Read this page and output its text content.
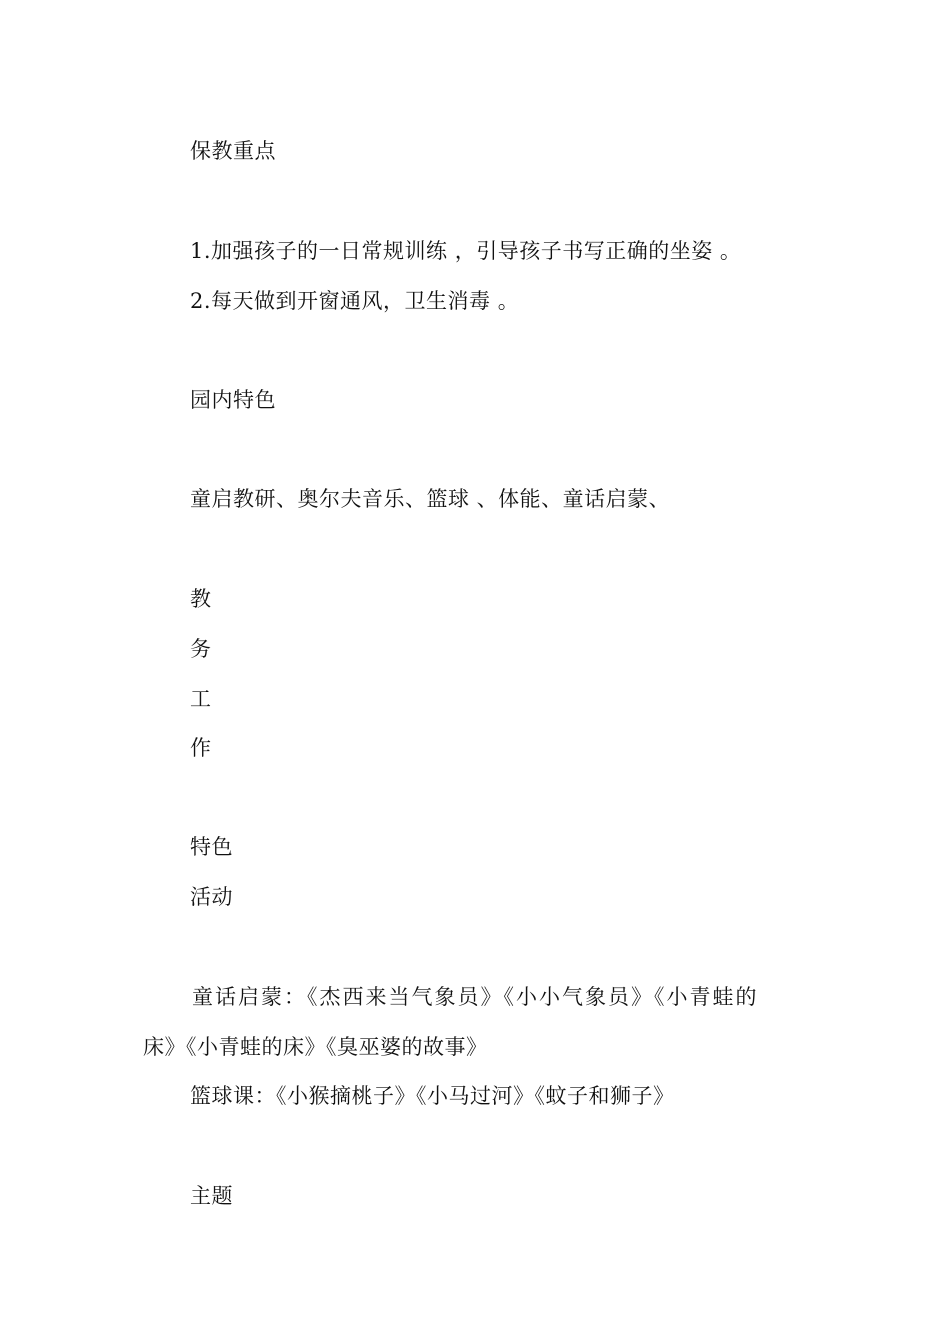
保教重点
1.加强孩子的一日常规训练 ，引导孩子书写正确的坐姿 。
2.每天做到开窗通风，卫生消毒 。
园内特色
童启教研、奥尔夫音乐、篮球 、体能、童话启蒙、
教
务
工
作
特色
活动
童话启蒙：《杰西来当气象员》《小小气象员》《小青蛙的
床》《小青蛙的床》《臭巫婆的故事》
篮球课：《小猴摘桃子》《小马过河》《蚊子和狮子》
主题
